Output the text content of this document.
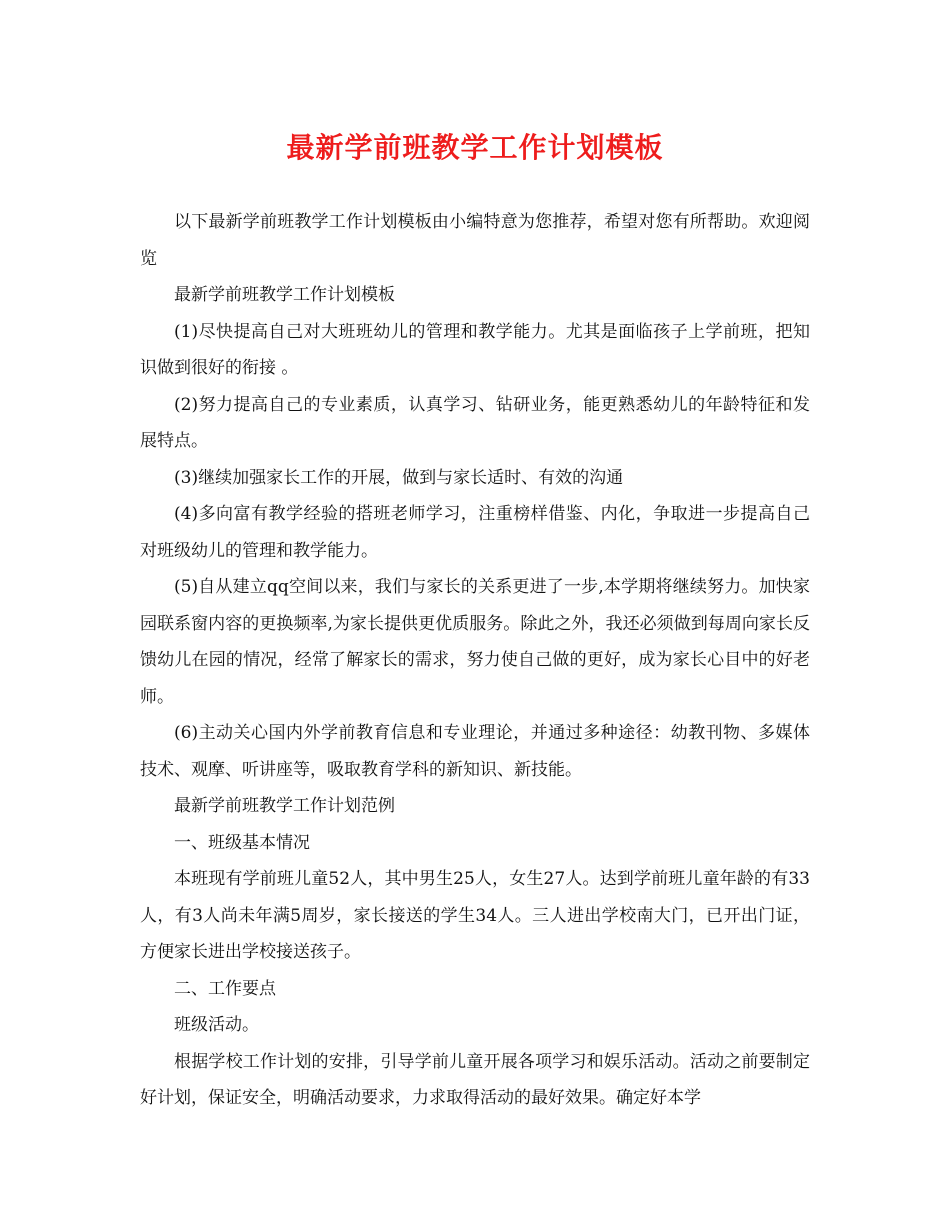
最新学前班教学工作计划模板

以下最新学前班教学工作计划模板由小编特意为您推荐，希望对您有所帮助。欢迎阅览

最新学前班教学工作计划模板

(1)尽快提高自己对大班班幼儿的管理和教学能力。尤其是面临孩子上学前班，把知识做到很好的衔接 。

(2)努力提高自己的专业素质，认真学习、钻研业务，能更熟悉幼儿的年龄特征和发展特点。

(3)继续加强家长工作的开展，做到与家长适时、有效的沟通

(4)多向富有教学经验的搭班老师学习，注重榜样借鉴、内化，争取进一步提高自己对班级幼儿的管理和教学能力。

(5)自从建立qq空间以来，我们与家长的关系更进了一步,本学期将继续努力。加快家园联系窗内容的更换频率,为家长提供更优质服务。除此之外，我还必须做到每周向家长反馈幼儿在园的情况，经常了解家长的需求，努力使自己做的更好，成为家长心目中的好老师。

(6)主动关心国内外学前教育信息和专业理论，并通过多种途径：幼教刊物、多媒体技术、观摩、听讲座等，吸取教育学科的新知识、新技能。

最新学前班教学工作计划范例

一、班级基本情况

本班现有学前班儿童52人，其中男生25人，女生27人。达到学前班儿童年龄的有33人，有3人尚未年满5周岁，家长接送的学生34人。三人进出学校南大门，已开出门证，方便家长进出学校接送孩子。

二、工作要点

班级活动。

根据学校工作计划的安排，引导学前儿童开展各项学习和娱乐活动。活动之前要制定好计划，保证安全，明确活动要求，力求取得活动的最好效果。确定好本学
